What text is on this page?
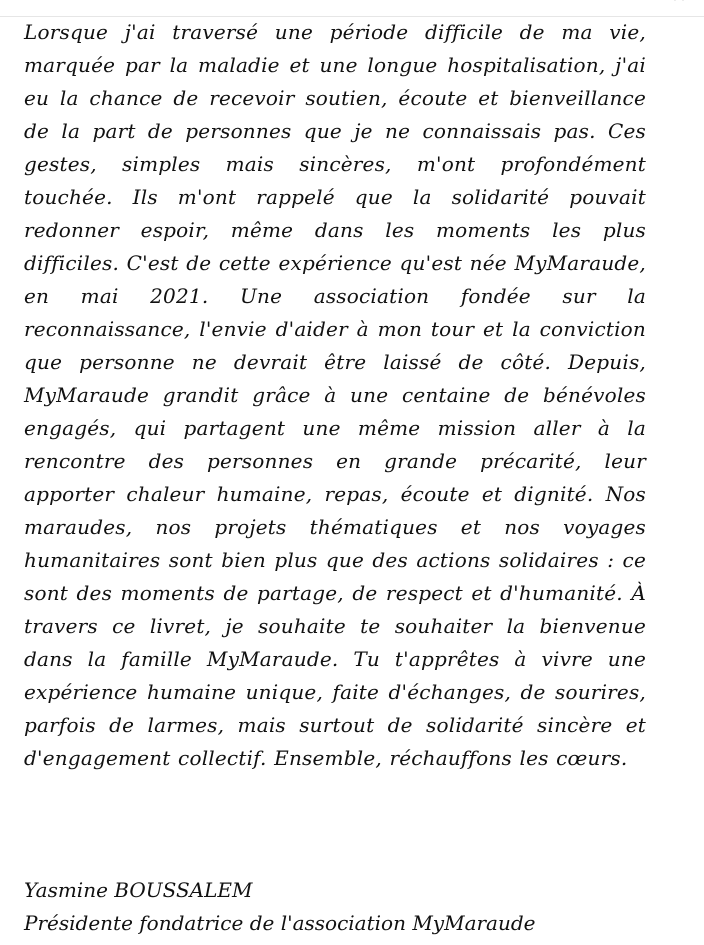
⌒

Lorsque j'ai traversé une période difficile de ma vie, marquée par la maladie et une longue hospitalisation, j'ai eu la chance de recevoir soutien, écoute et bienveillance de la part de personnes que je ne connaissais pas. Ces gestes, simples mais sincères, m'ont profondément touchée. Ils m'ont rappelé que la solidarité pouvait redonner espoir, même dans les moments les plus difficiles. C'est de cette expérience qu'est née MyMaraude, en mai 2021. Une association fondée sur la reconnaissance, l'envie d'aider à mon tour et la conviction que personne ne devrait être laissé de côté. Depuis, MyMaraude grandit grâce à une centaine de bénévoles engagés, qui partagent une même mission aller à la rencontre des personnes en grande précarité, leur apporter chaleur humaine, repas, écoute et dignité. Nos maraudes, nos projets thématiques et nos voyages humanitaires sont bien plus que des actions solidaires : ce sont des moments de partage, de respect et d'humanité. À travers ce livret, je souhaite te souhaiter la bienvenue dans la famille MyMaraude. Tu t'apprêtes à vivre une expérience humaine unique, faite d'échanges, de sourires, parfois de larmes, mais surtout de solidarité sincère et d'engagement collectif. Ensemble, réchauffons les cœurs.

Yasmine BOUSSALEM
Présidente fondatrice de l'association MyMaraude
